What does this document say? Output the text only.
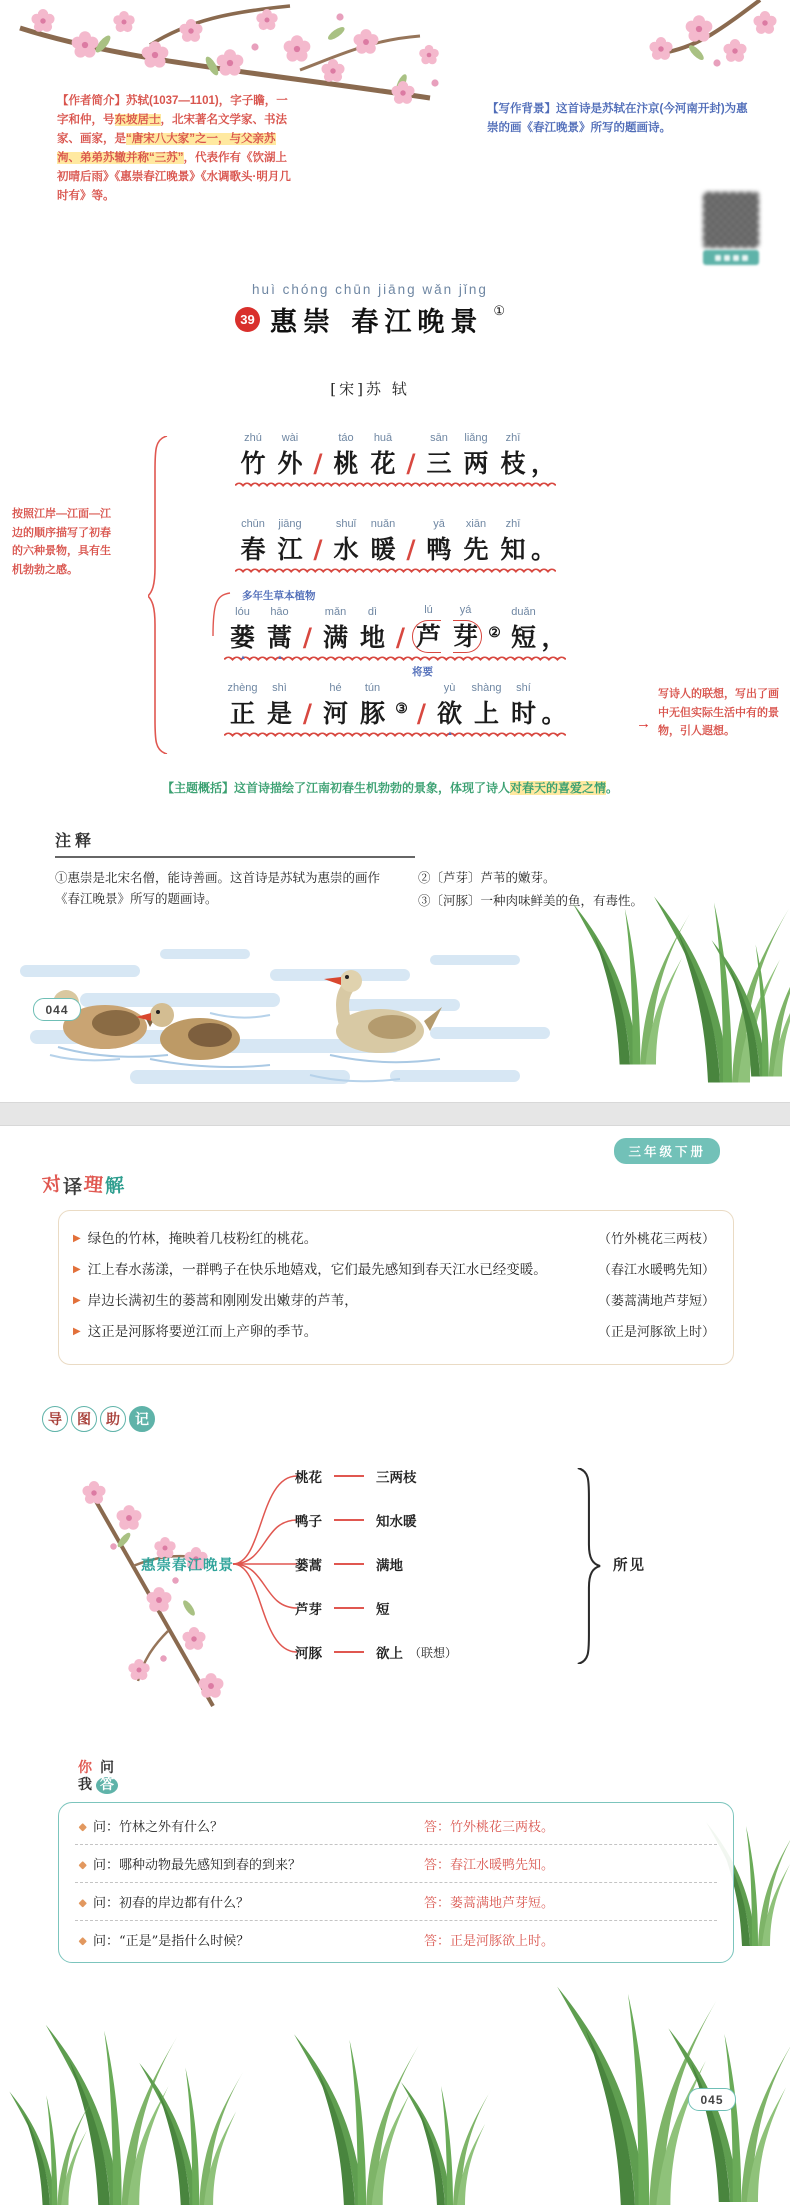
【作者简介】苏轼(1037—1101)，字子瞻，一字和仲，号东坡居士，北宋著名文学家、书法家、画家，是“唐宋八大家”之一，与父亲苏洵、弟弟苏辙并称“三苏”，代表作有《饮湖上初晴后雨》《惠崇春江晚景》《水调歌头·明月几时有》等。
【写作背景】这首诗是苏轼在汴京(今河南开封)为惠崇的画《春江晚景》所写的题画诗。
huì chóng chūn jiāng wǎn jǐng
39 惠崇 春江晚景 ①
[宋]苏 轼
zhú
竹
wài
外 /
táo
桃
huā
花 /
sān
三
liǎng
两
zhī
枝 ，
chūn
春
jiāng
江 /
shuǐ
水
nuǎn
暖 /
yā
鸭
xiān
先
zhī
知 。
多年生草本植物
lóu
蒌
▲
hāo
蒿
▲ /
mǎn
满
dì
地 /
lú
芦
yá
芽 ②
duǎn
短 ，
将要
zhèng
正
shì
是 /
hé
河
tún
豚 ③ /
yù
欲
▲
shàng
上
shí
时 。
按照江岸—江面—江边的顺序描写了初春的六种景物，具有生机勃勃之感。
→
写诗人的联想，写出了画中无但实际生活中有的景物，引人遐想。
【主题概括】这首诗描绘了江南初春生机勃勃的景象，体现了诗人对春天的喜爱之情。
注释

①惠崇是北宋名僧，能诗善画。这首诗是苏轼为惠崇的画作《春江晚景》所写的题画诗。

②〔芦芽〕芦苇的嫩芽。

③〔河豚〕一种肉味鲜美的鱼，有毒性。

044
三年级下册
对 译 理 解
▶ 绿色的竹林，掩映着几枝粉红的桃花。	（竹外桃花三两枝）
▶ 江上春水荡漾，一群鸭子在快乐地嬉戏，它们最先感知到春天江水已经变暖。	（春江水暖鸭先知）
▶ 岸边长满初生的蒌蒿和刚刚发出嫩芽的芦苇，	（蒌蒿满地芦芽短）
▶ 这正是河豚将要逆江而上产卵的季节。	（正是河豚欲上时）
导	图	助	记
惠崇春江晚景
桃花	三两枝
鸭子	知水暖
蒌蒿	满地
芦芽	短
河豚	欲上 （联想）
所见
你 问
我 答
问：竹林之外有什么？	答：竹外桃花三两枝。
问：哪种动物最先感知到春的到来？	答：春江水暖鸭先知。
问：初春的岸边都有什么？	答：蒌蒿满地芦芽短。
问：“正是”是指什么时候？	答：正是河豚欲上时。
045
